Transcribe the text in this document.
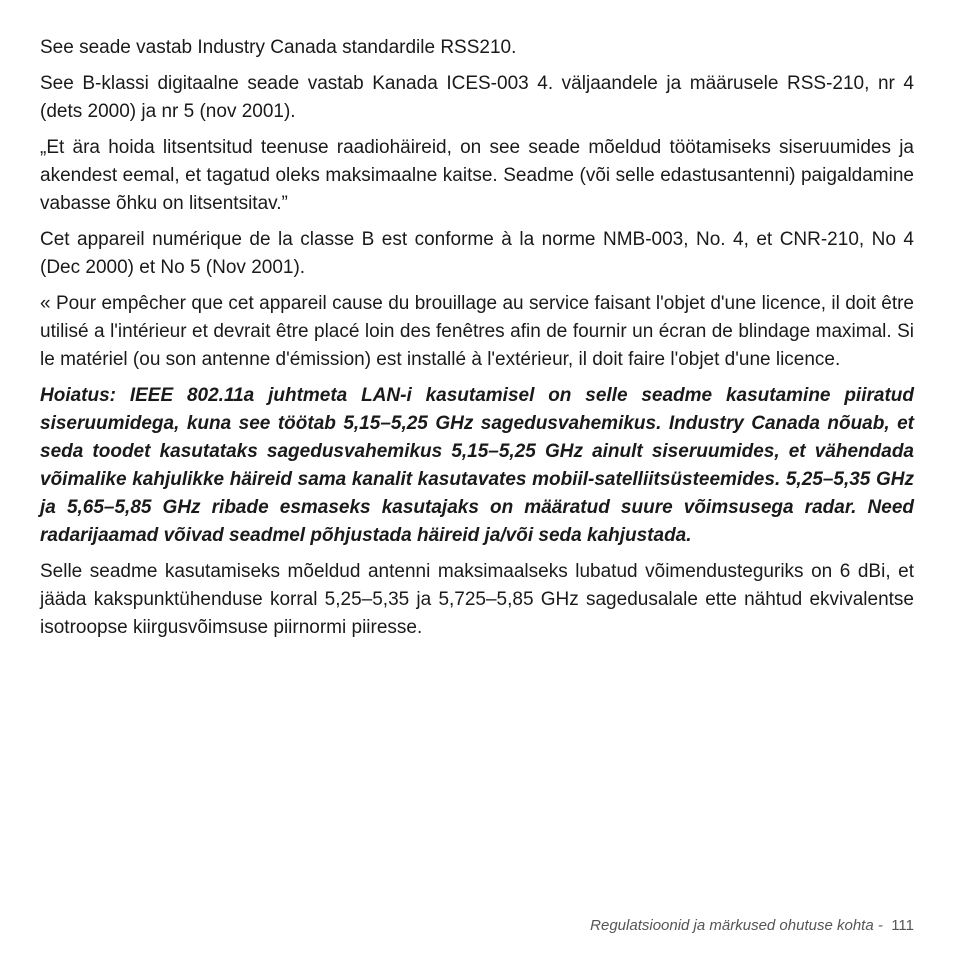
See seade vastab Industry Canada standardile RSS210.

See B-klassi digitaalne seade vastab Kanada ICES-003 4. väljaandele ja määrusele RSS-210, nr 4 (dets 2000) ja nr 5 (nov 2001).

„Et ära hoida litsentsitud teenuse raadiohäireid, on see seade mõeldud töötamiseks siseruumides ja akendest eemal, et tagatud oleks maksimaalne kaitse. Seadme (või selle edastusantenni) paigaldamine vabasse õhku on litsentsitav.”

Cet appareil numérique de la classe B est conforme à la norme NMB-003, No. 4, et CNR-210, No 4 (Dec 2000) et No 5 (Nov 2001).

« Pour empêcher que cet appareil cause du brouillage au service faisant l'objet d'une licence, il doit être utilisé a l'intérieur et devrait être placé loin des fenêtres afin de fournir un écran de blindage maximal. Si le matériel (ou son antenne d'émission) est installé à l'extérieur, il doit faire l'objet d'une licence.

Hoiatus: IEEE 802.11a juhtmeta LAN-i kasutamisel on selle seadme kasutamine piiratud siseruumidega, kuna see töötab 5,15–5,25 GHz sagedusvahemikus. Industry Canada nõuab, et seda toodet kasutataks sagedusvahemikus 5,15–5,25 GHz ainult siseruumides, et vähendada võimalike kahjulikke häireid sama kanalit kasutavates mobiil-satelliitsüsteemides. 5,25–5,35 GHz ja 5,65–5,85 GHz ribade esmaseks kasutajaks on määratud suure võimsusega radar. Need radarijaamad võivad seadmel põhjustada häireid ja/või seda kahjustada.

Selle seadme kasutamiseks mõeldud antenni maksimaalseks lubatud võimendusteguriks on 6 dBi, et jääda kakspunktühenduse korral 5,25–5,35 ja 5,725–5,85 GHz sagedusalale ette nähtud ekvivalentse isotroopse kiirgusvõimsuse piirnormi piiresse.

Regulatsioonid ja märkused ohutuse kohta - 111
